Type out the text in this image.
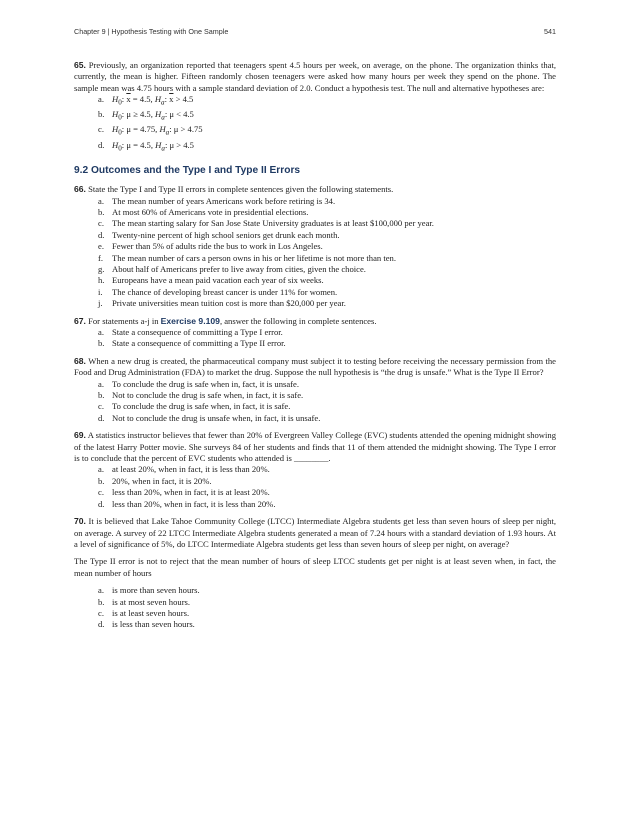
Chapter 9 | Hypothesis Testing with One Sample	541

65. Previously, an organization reported that teenagers spent 4.5 hours per week, on average, on the phone. The organization thinks that, currently, the mean is higher. Fifteen randomly chosen teenagers were asked how many hours per week they spend on the phone. The sample mean was 4.75 hours with a sample standard deviation of 2.0. Conduct a hypothesis test. The null and alternative hypotheses are:

a. $H_0$: $\overline{x} = 4.5$, $H_a$: $\overline{x} > 4.5$
b. $H_0$: μ ≥ 4.5, $H_a$: μ < 4.5
c. $H_0$: μ = 4.75, $H_a$: μ > 4.75
d. $H_0$: μ = 4.5, $H_a$: μ > 4.5
9.2 Outcomes and the Type I and Type II Errors

66. State the Type I and Type II errors in complete sentences given the following statements.

a. The mean number of years Americans work before retiring is 34.
b. At most 60% of Americans vote in presidential elections.
c. The mean starting salary for San Jose State University graduates is at least $100,000 per year.
d. Twenty-nine percent of high school seniors get drunk each month.
e. Fewer than 5% of adults ride the bus to work in Los Angeles.
f. The mean number of cars a person owns in his or her lifetime is not more than ten.
g. About half of Americans prefer to live away from cities, given the choice.
h. Europeans have a mean paid vacation each year of six weeks.
i. The chance of developing breast cancer is under 11% for women.
j. Private universities mean tuition cost is more than $20,000 per year.

67. For statements a-j in Exercise 9.109, answer the following in complete sentences.

a. State a consequence of committing a Type I error.
b. State a consequence of committing a Type II error.

68. When a new drug is created, the pharmaceutical company must subject it to testing before receiving the necessary permission from the Food and Drug Administration (FDA) to market the drug. Suppose the null hypothesis is “the drug is unsafe.” What is the Type II Error?

a. To conclude the drug is safe when in, fact, it is unsafe.
b. Not to conclude the drug is safe when, in fact, it is safe.
c. To conclude the drug is safe when, in fact, it is safe.
d. Not to conclude the drug is unsafe when, in fact, it is unsafe.

69. A statistics instructor believes that fewer than 20% of Evergreen Valley College (EVC) students attended the opening midnight showing of the latest Harry Potter movie. She surveys 84 of her students and finds that 11 of them attended the midnight showing. The Type I error is to conclude that the percent of EVC students who attended is ________.

a. at least 20%, when in fact, it is less than 20%.
b. 20%, when in fact, it is 20%.
c. less than 20%, when in fact, it is at least 20%.
d. less than 20%, when in fact, it is less than 20%.

70. It is believed that Lake Tahoe Community College (LTCC) Intermediate Algebra students get less than seven hours of sleep per night, on average. A survey of 22 LTCC Intermediate Algebra students generated a mean of 7.24 hours with a standard deviation of 1.93 hours. At a level of significance of 5%, do LTCC Intermediate Algebra students get less than seven hours of sleep per night, on average?

The Type II error is not to reject that the mean number of hours of sleep LTCC students get per night is at least seven when, in fact, the mean number of hours

a. is more than seven hours.
b. is at most seven hours.
c. is at least seven hours.
d. is less than seven hours.
